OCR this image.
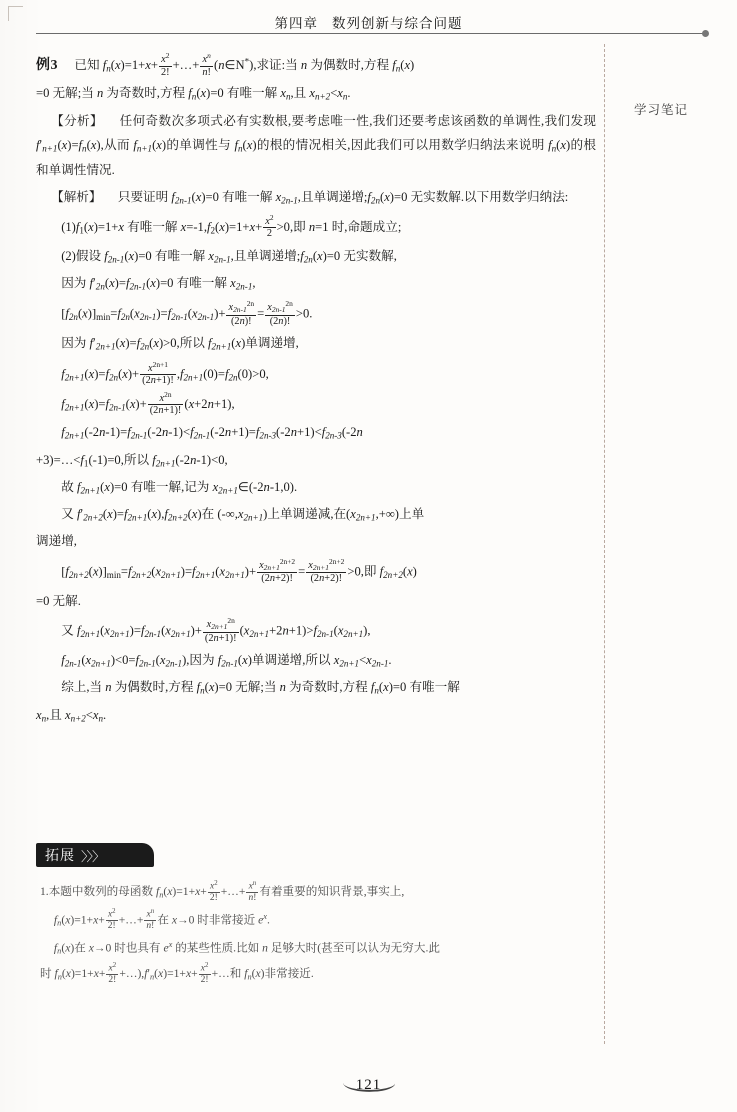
第四章 数列创新与综合问题
学习笔记
例3 已知 $f_n(x)=1+x+ \frac{x^2}{2!}$ +…+ $\frac{x^n}{n!}$ (n∈N*),求证:当 n 为偶数时,方程 $f_n(x)$
=0 无解;当 n 为奇数时,方程 $f_n(x)=0$ 有唯一解 $x_n$,且 $x_{n+2}<x_n$.
【分析】 任何奇数次多项式必有实数根,要考虑唯一性,我们还要考虑该函数的单调性,我们发现 $f'_{n+1}(x)=f_n(x)$,从而 $f_{n+1}(x)$的单调性与 $f_n(x)$的根的情况相关,因此我们可以用数学归纳法来说明 $f_n(x)$的根和单调性情况.
【解析】 只要证明 $f_{2n-1}(x)=0$ 有唯一解 $x_{2n-1}$,且单调递增$;f_{2n}(x)=0$ 无实数解.以下用数学归纳法:
$(1)f_1(x)=1+x$ 有唯一解 $x=-1,f_2(x)=1+x+ \frac{x^2}{2} >0$,即 n=1 时,命题成立;
(2)假设 $f_{2n-1}(x)=0$ 有唯一解 $x_{2n-1}$,且单调递增$;f_{2n}(x)=0$ 无实数解,
因为 $f'_{2n}(x)=f_{2n-1}(x)=0$ 有唯一解 $x_{2n-1}$,
$[f_{2n}(x)]_{min}=f_{2n}(x_{2n-1})=f_{2n-1}(x_{2n-1})+ \frac{x_{2n-1}^{2n}}{(2n)!} = \frac{x_{2n-1}^{2n}}{(2n)!} >0$.
因为 $f'_{2n+1}(x)=f_{2n}(x)>0$,所以 $f_{2n+1}(x)$单调递增,
$f_{2n+1}(x)=f_{2n}(x)+ \frac{x^{2n+1}}{(2n+1)!} ,f_{2n+1}(0)=f_{2n}(0)>0$,
$f_{2n+1}(x)=f_{2n-1}(x)+ \frac{x^{2n}}{(2n+1)!} (x+2n+1)$,
$f_{2n+1}(-2n-1)=f_{2n-1}(-2n-1)<f_{2n-1}(-2n+1)=f_{2n-3}(-2n+1)<f_{2n-3}(-2n$
$+3)=\dots<f_1(-1)=0$,所以 $f_{2n+1}(-2n-1)<0$,
故 $f_{2n+1}(x)=0$ 有唯一解,记为 $x_{2n+1}\in(-2n-1,0)$.
又 $f'_{2n+2}(x)=f_{2n+1}(x),f_{2n+2}(x)$在 $(-\infty,x_{2n+1})$上单调递减,在$(x_{2n+1},+\infty)$上单
调递增,
$[f_{2n+2}(x)]_{min}=f_{2n+2}(x_{2n+1})=f_{2n+1}(x_{2n+1})+ \frac{x_{2n+1}^{2n+2}}{(2n+2)!} = \frac{x_{2n+1}^{2n+2}}{(2n+2)!} >0$,即 $f_{2n+2}(x)$
=0 无解.
又 $f_{2n+1}(x_{2n+1})=f_{2n-1}(x_{2n+1})+ \frac{x_{2n+1}^{2n}}{(2n+1)!} (x_{2n+1}+2n+1)>f_{2n-1}(x_{2n+1})$,
$f_{2n-1}(x_{2n+1})<0=f_{2n-1}(x_{2n-1})$,因为 $f_{2n-1}(x)$单调递增,所以 $x_{2n+1}<x_{2n-1}$.
综上,当 n 为偶数时,方程 $f_n(x)=0$ 无解;当 n 为奇数时,方程 $f_n(x)=0$ 有唯一解
$x_n$,且 $x_{n+2}<x_n$.
拓展 〉〉〉
1.本题中数列的母函数 $f_n(x)=1+x+ \frac{x^2}{2!}$ +…+ $\frac{x^n}{n!}$ 有着重要的知识背景,事实上,
$f_n(x)=1+x+ \frac{x^2}{2!}$ +…+ $\frac{x^n}{n!}$ 在 x→0 时非常接近 $e^x$.
$f_n(x)$在 x→0 时也具有 $e^x$ 的某些性质.比如 n 足够大时(甚至可以认为无穷大.此
时 $f_n(x)=1+x+ \frac{x^2}{2!}$ $+\dots),f'_n(x)=1+x+ \frac{x^2}{2!}$ +…和 $f_n(x)$非常接近.
121
